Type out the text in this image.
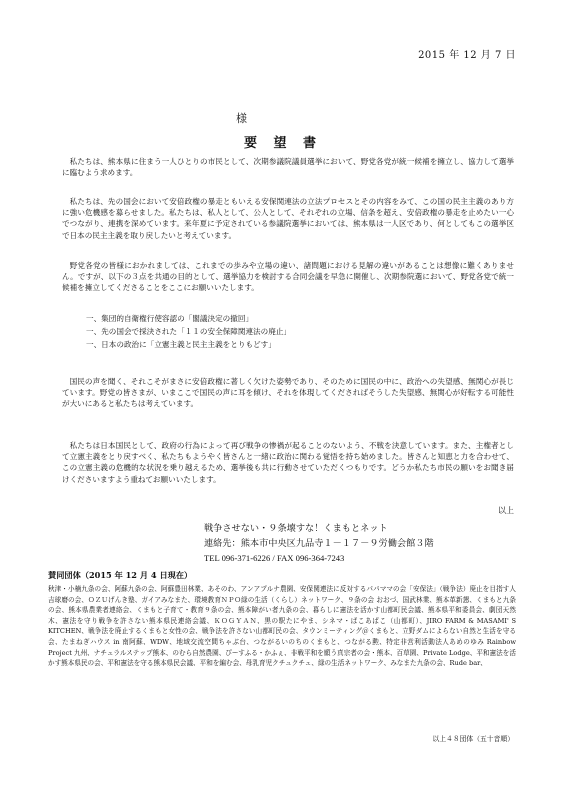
2015 年 12 月 7 日
様
要 望 書

私たちは、熊本県に住まう一人ひとりの市民として、次期参議院議員選挙において、野党各党が統一候補を擁立し、協力して選挙に臨むよう求めます。

私たちは、先の国会において安倍政権の暴走ともいえる安保関連法の立法プロセスとその内容をみて、この国の民主主義のあり方に強い危機感を募らせました。私たちは、私人として、公人として、それぞれの立場、信条を超え、安倍政権の暴走を止めたい一心でつながり、連携を深めています。来年夏に予定されている参議院選挙においては、熊本県は一人区であり、何としてもこの選挙区で日本の民主主義を取り戻したいと考えています。

野党各党の皆様におかれましては、これまでの歩みや立場の違い、諸問題における見解の違いがあることは想像に難くありません。ですが、以下の３点を共通の目的として、選挙協力を検討する合同会議を早急に開催し、次期参院選において、野党各党で統一候補を擁立してくださることをここにお願いいたします。

一、集団的自衛権行使容認の「閣議決定の撤回」
一、先の国会で採決された「１１の安全保障関連法の廃止」
一、日本の政治に「立憲主義と民主主義をとりもどす」

国民の声を聞く、それこそがまさに安倍政権に著しく欠けた姿勢であり、そのために国民の中に、政治への失望感、無関心が長じています。野党の皆さまが、いまここで国民の声に耳を傾け、それを体現してくださればそうした失望感、無関心が好転する可能性が大いにあると私たちは考えています。

私たちは日本国民として、政府の行為によって再び戦争の惨禍が起ることのないよう、不戦を決意しています。また、主権者として立憲主義をとり戻すべく、私たちもようやく皆さんと一緒に政治に関わる覚悟を持ち始めました。皆さんと知恵と力を合わせて、この立憲主義の危機的な状況を乗り越えるため、選挙後も共に行動させていただくつもりです。どうか私たち市民の願いをお聞き届けくださいますよう重ねてお願いいたします。

以上
戦争させない・９条壊すな！くまもとネット
連絡先：熊本市中央区九品寺１－１７－９労働会館３階
TEL 096-371-6226 / FAX 096-364-7243
賛同団体（2015 年 12 月 4 日現在）

秋津・小楠九条の会、阿蘇九条の会、阿蘇豊田林業、あそのわ、アンアプルナ農園、安保関連法に反対するパパママの会「安保法」（戦争法）廃止を目指す人吉球磨の会、ＯＺＵげんき塾、ガイアみなまた、環境教育ＮＰＯ緑の生活（くらし）ネットワーク、９条の会 おおづ、国武林業、熊本革新懇、くまもと九条の会、熊本県農業者連絡会、くまもと子育て・教育９条の会、熊本障がい者九条の会、暮らしに憲法を活かす山都町民会議、熊本県平和委員会、劇団天然木、憲法を守り戦争を許さない熊本県民連絡会議、ＫＯＧＹＡＮ、黒の駅たにやま、シネマ・ぱこあぱこ（山都町）、JIRO FARM & MASAMI' S KITCHEN、戦争法を廃止するくまもと女性の会、戦争法を許さない山都町民の会、タウンミーティング＠くまもと、立野ダムによらない自然と生活を守る会、たまねぎハウス in 南阿蘇、WDW、地域交流空間ちゃぶ台、つながるいのちのくまもと、つながる勲、特定非営利活動法人あめのゆみ Rainbow Project 九州、ナチュラルステップ熊本、のむら自然農園、ぴーすふる・かふぇ、非戦平和を願う真宗者の会・熊本、百草園、Private Lodge、平和憲法を活かす熊本県民の会、平和憲法を守る熊本県民会議、平和を編む会、母乳育児クチュクチュ、緑の生活ネットワーク、みなまた九条の会、Rude bar、

以上４８団体（五十音順）
